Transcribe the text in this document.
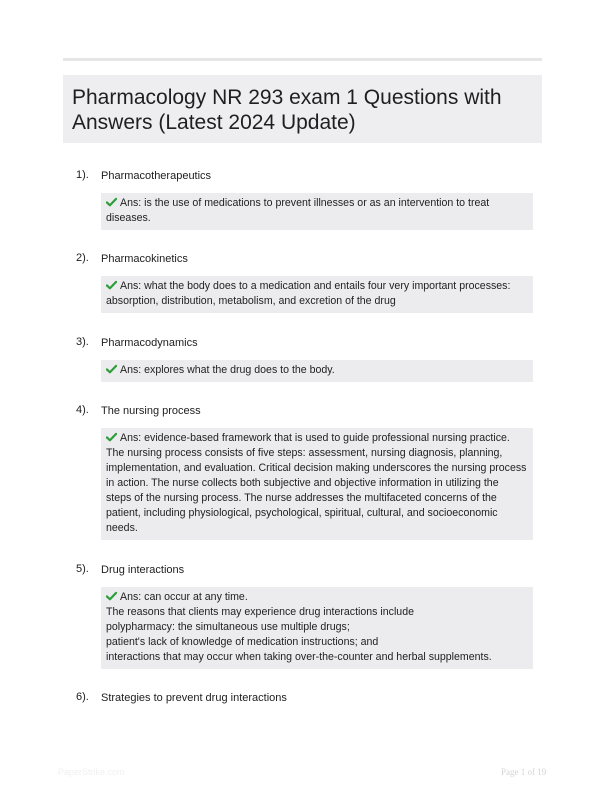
Pharmacology NR 293 exam 1 Questions with
Answers (Latest 2024 Update)
1). Pharmacotherapeutics
Ans: is the use of medications to prevent illnesses or as an intervention to treat
diseases.
2). Pharmacokinetics
Ans: what the body does to a medication and entails four very important processes:
absorption, distribution, metabolism, and excretion of the drug
3). Pharmacodynamics
Ans: explores what the drug does to the body.
4). The nursing process
Ans: evidence-based framework that is used to guide professional nursing practice.
The nursing process consists of five steps: assessment, nursing diagnosis, planning,
implementation, and evaluation. Critical decision making underscores the nursing process
in action. The nurse collects both subjective and objective information in utilizing the
steps of the nursing process. The nurse addresses the multifaceted concerns of the
patient, including physiological, psychological, spiritual, cultural, and socioeconomic
needs.
5). Drug interactions
Ans: can occur at any time.
The reasons that clients may experience drug interactions include
polypharmacy: the simultaneous use multiple drugs;
patient's lack of knowledge of medication instructions; and
interactions that may occur when taking over-the-counter and herbal supplements.
6). Strategies to prevent drug interactions
PaperStrike.com	Page 1 of 19
